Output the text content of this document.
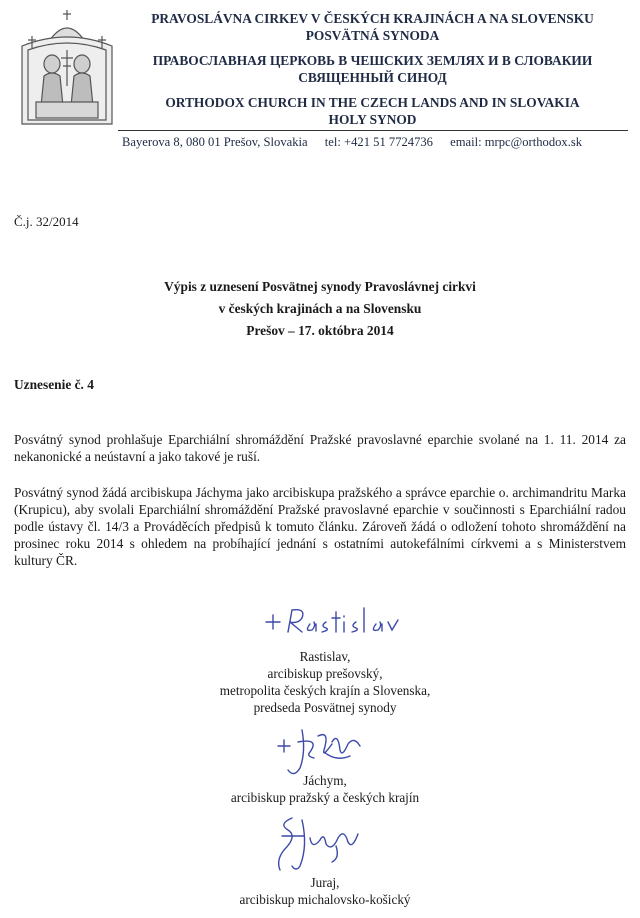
PRAVOSLÁVNA CIRKEV V ČESKÝCH KRAJINÁCH A NA SLOVENSKU
POSVÄTNÁ SYNODA
ПРАВОСЛАВНАЯ ЦЕРКОВЬ В ЧЕШСКИХ ЗЕМЛЯХ И В СЛОВАКИИ
СВЯЩЕННЫЙ СИНОД
ORTHODOX CHURCH IN THE CZECH LANDS AND IN SLOVAKIA
HOLY SYNOD
Bayerova 8, 080 01 Prešov, Slovakia tel: +421 51 7724736 email: mrpc@orthodox.sk
Č.j. 32/2014
Výpis z uznesení Posvätnej synody Pravoslávnej cirkvi
v českých krajinách a na Slovensku
Prešov – 17. októbra 2014
Uznesenie č. 4
Posvátný synod prohlašuje Eparchiální shromáždění Pražské pravoslavné eparchie svolané na 1. 11. 2014 za nekanonické a neústavní a jako takové je ruší.
Posvátný synod žádá arcibiskupa Jáchyma jako arcibiskupa pražského a správce eparchie o. archimandritu Marka (Krupicu), aby svolali Eparchiální shromáždění Pražské pravoslavné eparchie v součinnosti s Eparchiální radou podle ústavy čl. 14/3 a Prováděcích předpisů k tomuto článku. Zároveň žádá o odložení tohoto shromáždění na prosinec roku 2014 s ohledem na probíhající jednání s ostatními autokefálními církvemi a s Ministerstvem kultury ČR.
Rastislav,
arcibiskup prešovský,
metropolita českých krajín a Slovenska,
predseda Posvätnej synody
Jáchym,
arcibiskup pražský a českých krajín
Juraj,
arcibiskup michalovsko-košický
